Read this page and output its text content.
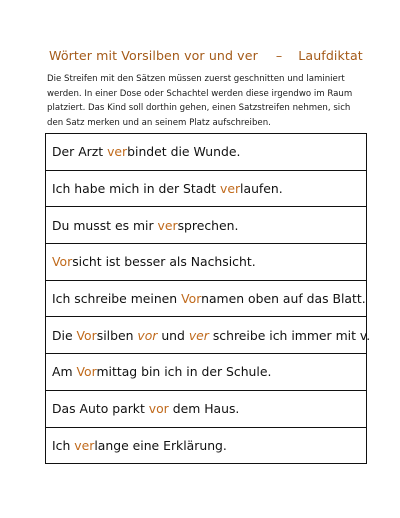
Wörter mit Vorsilben vor und ver – Laufdiktat
Die Streifen mit den Sätzen müssen zuerst geschnitten und laminiert werden. In einer Dose oder Schachtel werden diese irgendwo im Raum platziert. Das Kind soll dorthin gehen, einen Satzstreifen nehmen, sich den Satz merken und an seinem Platz aufschreiben.
Der Arzt verbindet die Wunde.
Ich habe mich in der Stadt verlaufen.
Du musst es mir versprechen.
Vorsicht ist besser als Nachsicht.
Ich schreibe meinen Vornamen oben auf das Blatt.
Die Vorsilben vor und ver schreibe ich immer mit v.
Am Vormittag bin ich in der Schule.
Das Auto parkt vor dem Haus.
Ich verlange eine Erklärung.
